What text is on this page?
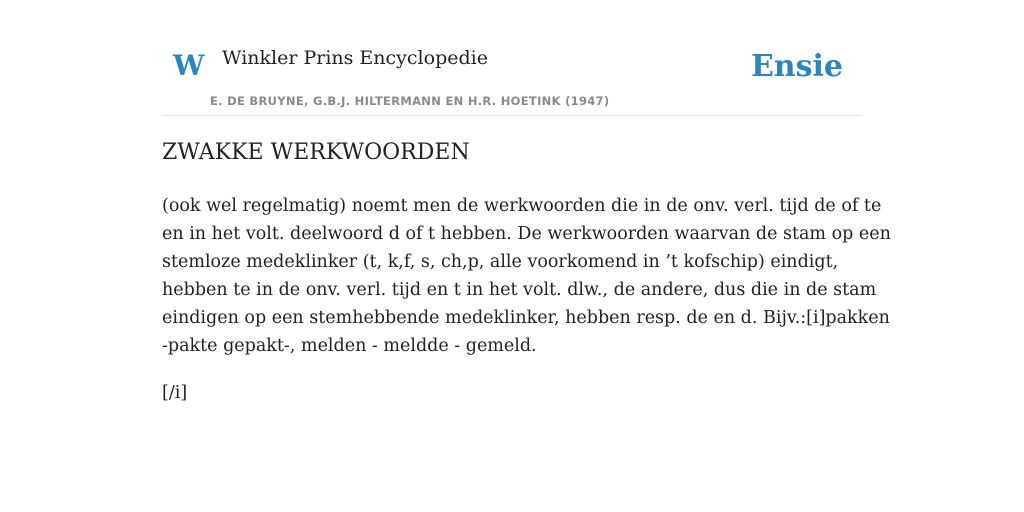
W Winkler Prins Encyclopedie
E. DE BRUYNE, G.B.J. HILTERMANN EN H.R. HOETINK (1947)
Ensie
ZWAKKE WERKWOORDEN

(ook wel regelmatig) noemt men de werkwoorden die in de onv. verl. tijd de of te
en in het volt. deelwoord d of t hebben. De werkwoorden waarvan de stam op een
stemloze medeklinker (t, k,f, s, ch,p, alle voorkomend in ’t kofschip) eindigt,
hebben te in de onv. verl. tijd en t in het volt. dlw., de andere, dus die in de stam
eindigen op een stemhebbende medeklinker, hebben resp. de en d. Bijv.:[i]pakken
-pakte gepakt-, melden - meldde - gemeld.

[/i]
